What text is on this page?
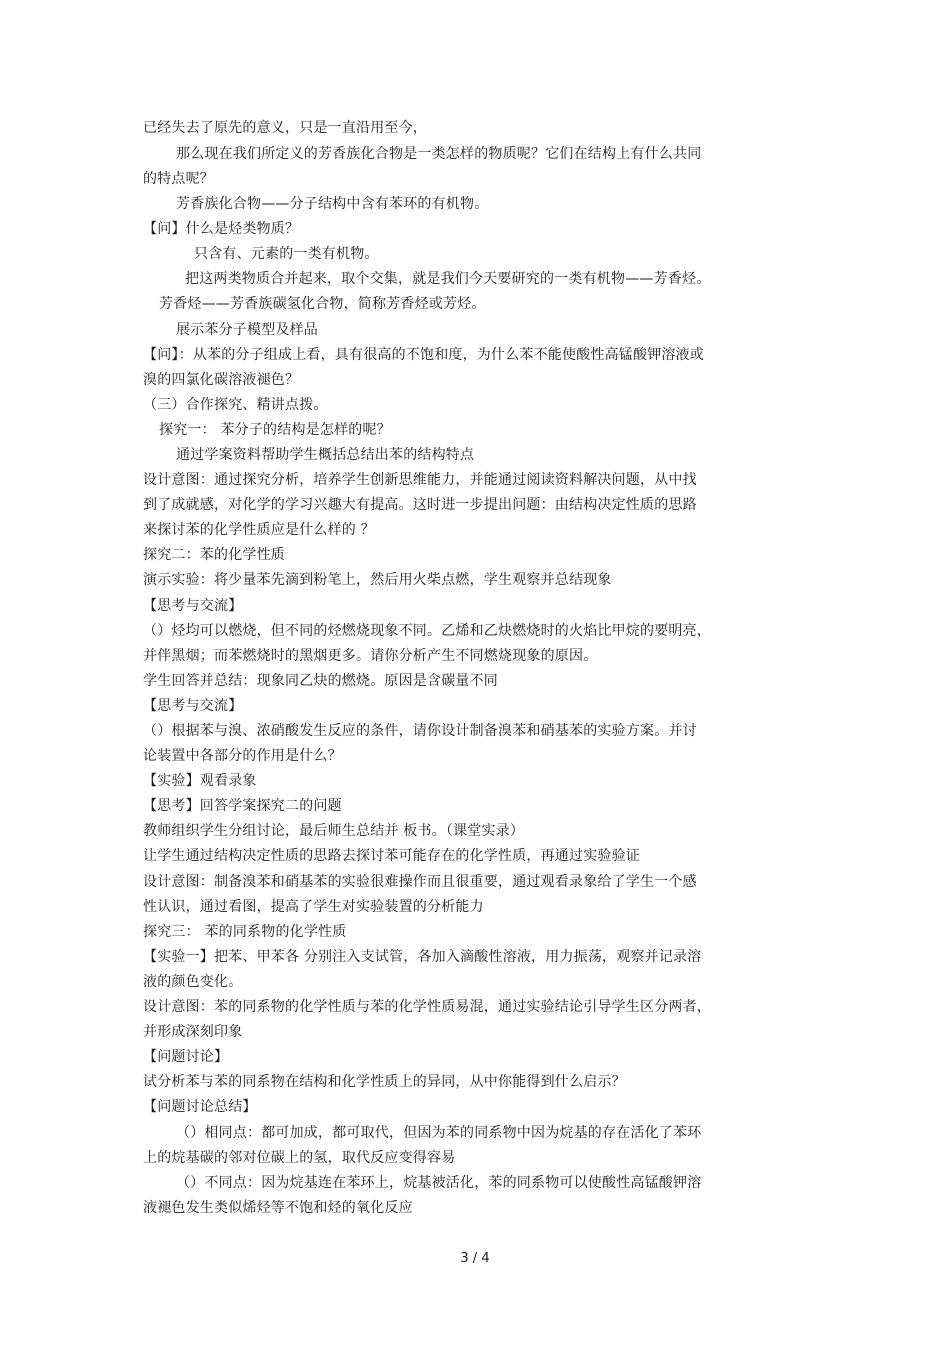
已经失去了原先的意义，只是一直沿用至今，
那么现在我们所定义的芳香族化合物是一类怎样的物质呢？它们在结构上有什么共同
的特点呢？
芳香族化合物——分子结构中含有苯环的有机物。
【问】什么是烃类物质？
只含有、元素的一类有机物。
把这两类物质合并起来，取个交集，就是我们今天要研究的一类有机物——芳香烃。
芳香烃——芳香族碳氢化合物，简称芳香烃或芳烃。
展示苯分子模型及样品
【问】：从苯的分子组成上看，具有很高的不饱和度，为什么苯不能使酸性高锰酸钾溶液或
溴的四氯化碳溶液褪色？
（三）合作探究、精讲点拨。
探究一： 苯分子的结构是怎样的呢？
通过学案资料帮助学生概括总结出苯的结构特点
设计意图：通过探究分析，培养学生创新思维能力，并能通过阅读资料解决问题，从中找
到了成就感，对化学的学习兴趣大有提高。这时进一步提出问题：由结构决定性质的思路
来探讨苯的化学性质应是什么样的 ？
探究二：苯的化学性质
演示实验：将少量苯先滴到粉笔上，然后用火柴点燃，学生观察并总结现象
【思考与交流】
（）烃均可以燃烧，但不同的烃燃烧现象不同。乙烯和乙炔燃烧时的火焰比甲烷的要明亮，
并伴黑烟；而苯燃烧时的黑烟更多。请你分析产生不同燃烧现象的原因。
学生回答并总结：现象同乙炔的燃烧。原因是含碳量不同
【思考与交流】
（）根据苯与溴、浓硝酸发生反应的条件，请你设计制备溴苯和硝基苯的实验方案。并讨
论装置中各部分的作用是什么？
【实验】观看录象
【思考】回答学案探究二的问题
教师组织学生分组讨论，最后师生总结并 板书。（课堂实录）
让学生通过结构决定性质的思路去探讨苯可能存在的化学性质，再通过实验验证
设计意图：制备溴苯和硝基苯的实验很难操作而且很重要，通过观看录象给了学生一个感
性认识，通过看图，提高了学生对实验装置的分析能力
探究三： 苯的同系物的化学性质
【实验一】把苯、甲苯各 分别注入支试管，各加入滴酸性溶液，用力振荡，观察并记录溶
液的颜色变化。
设计意图：苯的同系物的化学性质与苯的化学性质易混，通过实验结论引导学生区分两者，
并形成深刻印象
【问题讨论】
试分析苯与苯的同系物在结构和化学性质上的异同，从中你能得到什么启示？
【问题讨论总结】
（）相同点：都可加成，都可取代，但因为苯的同系物中因为烷基的存在活化了苯环
上的烷基碳的邻对位碳上的氢，取代反应变得容易
（）不同点：因为烷基连在苯环上，烷基被活化，苯的同系物可以使酸性高锰酸钾溶
液褪色发生类似烯烃等不饱和烃的氧化反应
3 / 4
